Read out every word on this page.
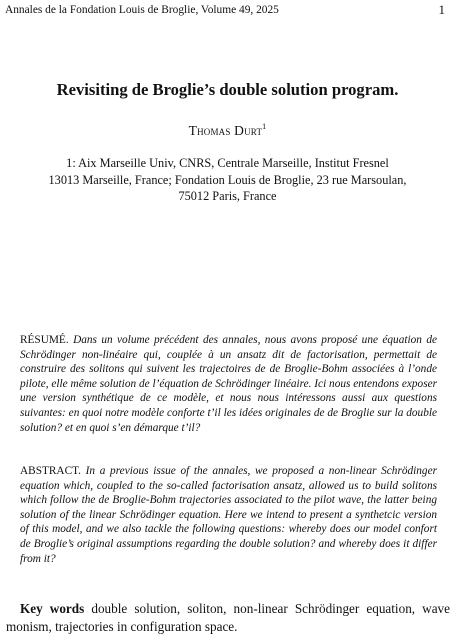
Annales de la Fondation Louis de Broglie, Volume 49, 2025	1
Revisiting de Broglie’s double solution program.
Thomas Durt$^1$
1: Aix Marseille Univ, CNRS, Centrale Marseille, Institut Fresnel
13013 Marseille, France; Fondation Louis de Broglie, 23 rue Marsoulan,
75012 Paris, France
RÉSUMÉ. Dans un volume précédent des annales, nous avons proposé une équation de Schrödinger non-linéaire qui, couplée à un ansatz dit de factorisation, permettait de construire des solitons qui suivent les trajectoires de de Broglie-Bohm associées à l’onde pilote, elle même solution de l’équation de Schrödinger linéaire. Ici nous entendons exposer une version synthétique de ce modèle, et nous nous intéressons aussi aux questions suivantes: en quoi notre modèle conforte t’il les idées originales de de Broglie sur la double solution? et en quoi s’en démarque t’il?
ABSTRACT. In a previous issue of the annales, we proposed a non-linear Schrödinger equation which, coupled to the so-called factorisation ansatz, allowed us to build solitons which follow the de Broglie-Bohm trajectories associated to the pilot wave, the latter being solution of the linear Schrödinger equation. Here we intend to present a synthetcic version of this model, and we also tackle the following questions: whereby does our model confort de Broglie’s original assumptions regarding the double solution? and whereby does it differ from it?
Key words double solution, soliton, non-linear Schrödinger equation, wave monism, trajectories in configuration space.
